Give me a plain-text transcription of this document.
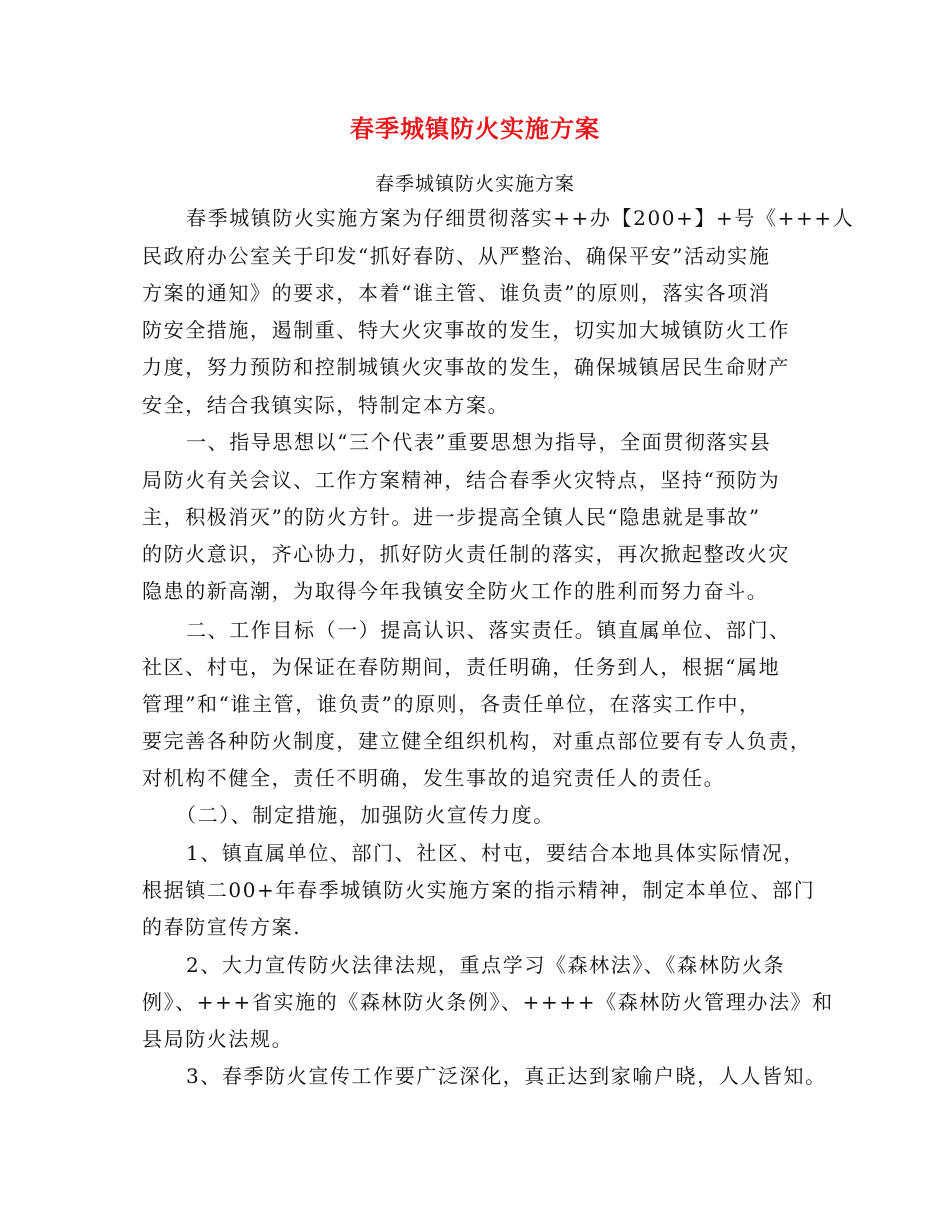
春季城镇防火实施方案
春季城镇防火实施方案
春季城镇防火实施方案为仔细贯彻落实++办【200+】+号《+++人
民政府办公室关于印发“抓好春防、从严整治、确保平安”活动实施
方案的通知》的要求，本着“谁主管、谁负责”的原则，落实各项消
防安全措施，遏制重、特大火灾事故的发生，切实加大城镇防火工作
力度，努力预防和控制城镇火灾事故的发生，确保城镇居民生命财产
安全，结合我镇实际，特制定本方案。
一、指导思想以“三个代表”重要思想为指导，全面贯彻落实县
局防火有关会议、工作方案精神，结合春季火灾特点，坚持“预防为
主，积极消灭”的防火方针。进一步提高全镇人民“隐患就是事故”
的防火意识，齐心协力，抓好防火责任制的落实，再次掀起整改火灾
隐患的新高潮，为取得今年我镇安全防火工作的胜利而努力奋斗。
二、工作目标（一）提高认识、落实责任。镇直属单位、部门、
社区、村屯，为保证在春防期间，责任明确，任务到人，根据“属地
管理”和“谁主管，谁负责”的原则，各责任单位，在落实工作中，
要完善各种防火制度，建立健全组织机构，对重点部位要有专人负责，
对机构不健全，责任不明确，发生事故的追究责任人的责任。
（二）、制定措施，加强防火宣传力度。
1、镇直属单位、部门、社区、村屯，要结合本地具体实际情况，
根据镇二00+年春季城镇防火实施方案的指示精神，制定本单位、部门
的春防宣传方案.
2、大力宣传防火法律法规，重点学习《森林法》、《森林防火条
例》、+++省实施的《森林防火条例》、++++《森林防火管理办法》和
县局防火法规。
3、春季防火宣传工作要广泛深化，真正达到家喻户晓，人人皆知。
